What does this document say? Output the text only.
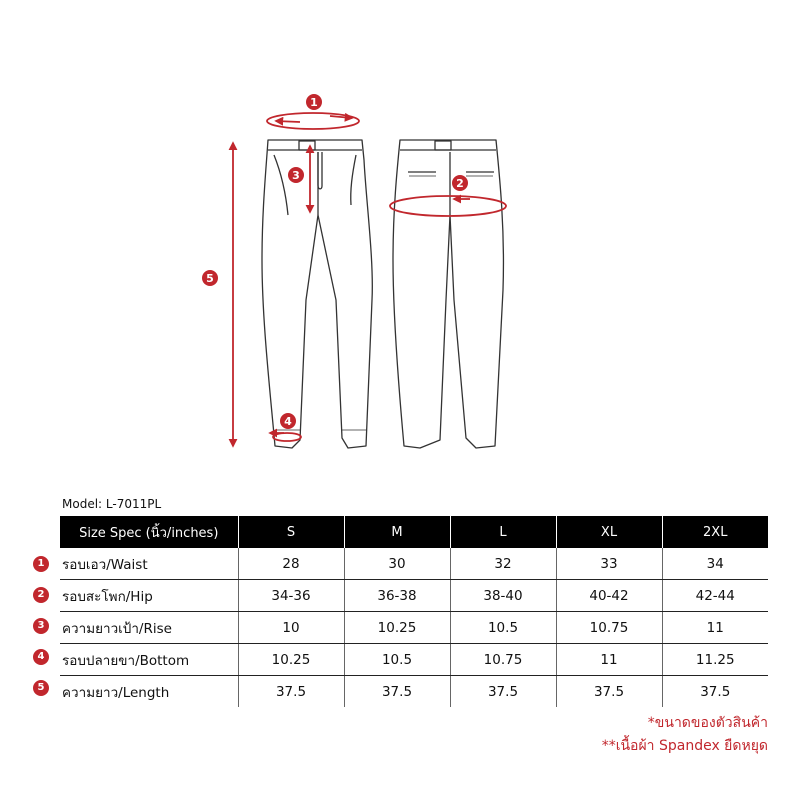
1
2
3
4
5
Model: L-7011PL
1
2
3
4
5
Size Spec (นิ้ว/inches)	S	M	L	XL	2XL
รอบเอว/Waist	28	30	32	33	34
รอบสะโพก/Hip	34-36	36-38	38-40	40-42	42-44
ความยาวเป้า/Rise	10	10.25	10.5	10.75	11
รอบปลายขา/Bottom	10.25	10.5	10.75	11	11.25
ความยาว/Length	37.5	37.5	37.5	37.5	37.5
*ขนาดของตัวสินค้า
**เนื้อผ้า Spandex ยืดหยุด
